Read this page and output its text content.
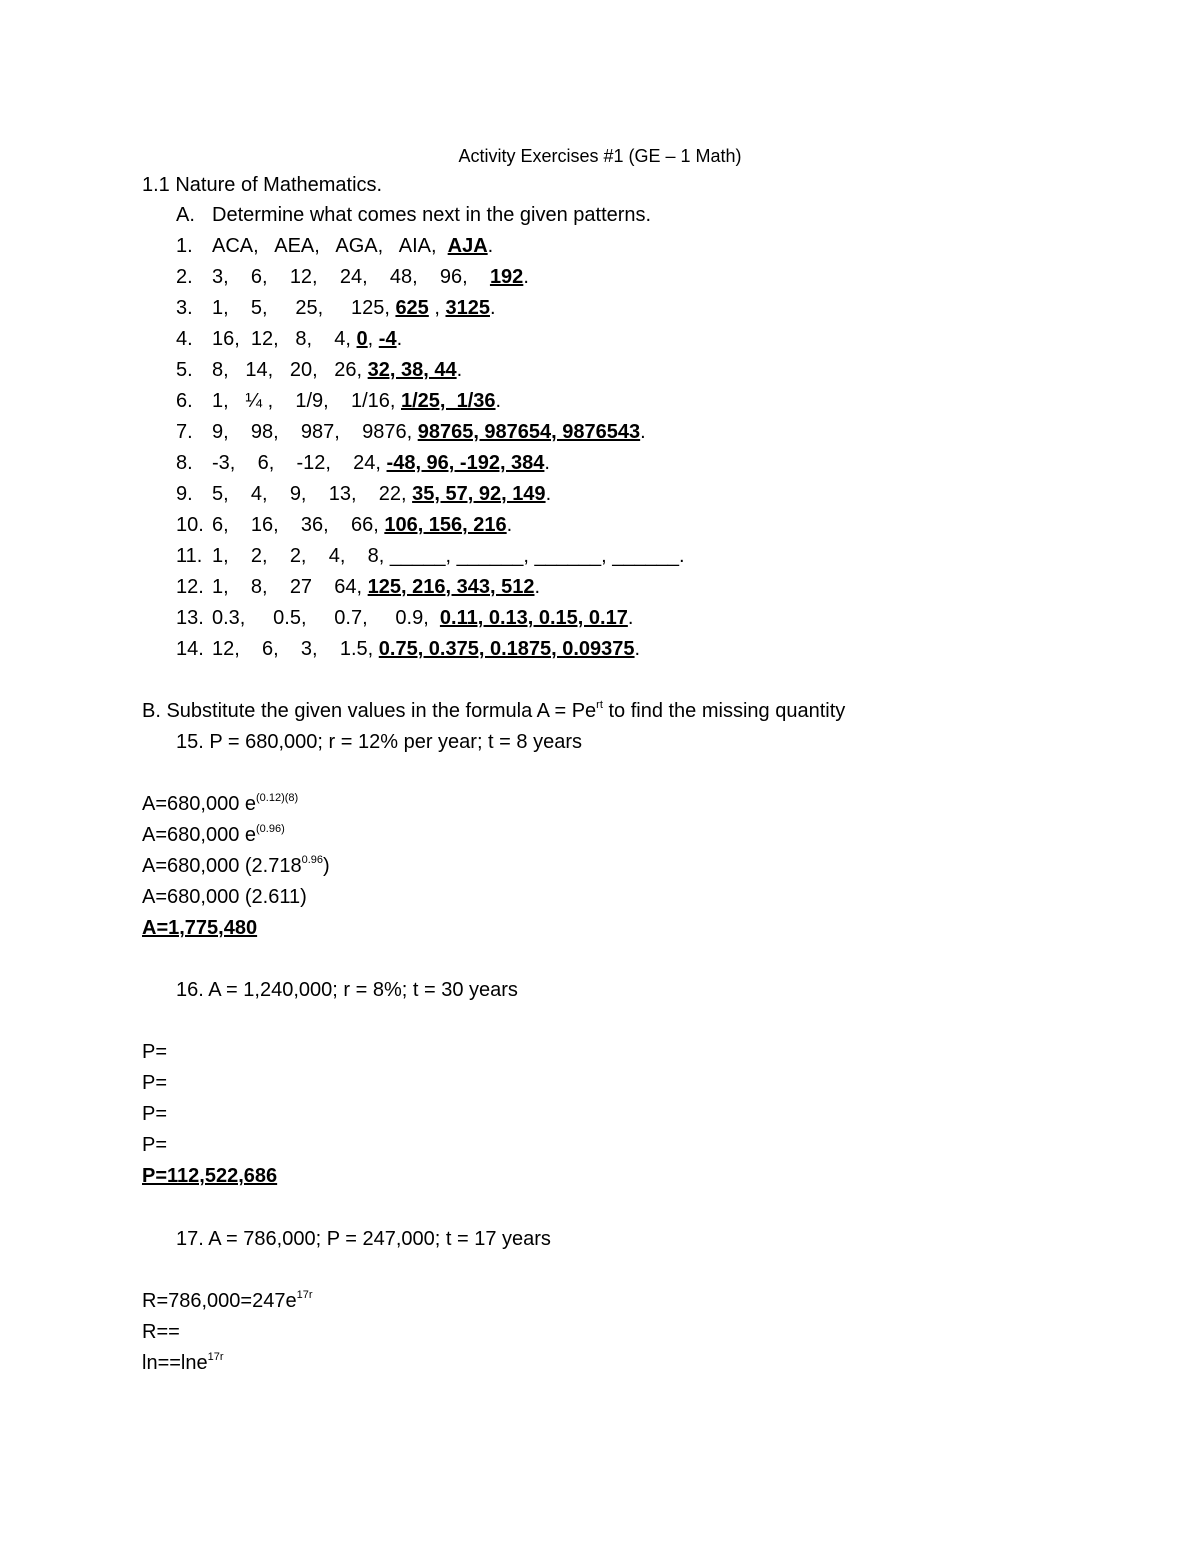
Activity Exercises #1 (GE – 1 Math)
1.1 Nature of Mathematics.
A. Determine what comes next in the given patterns.
1. ACA,   AEA,   AGA,   AIA,  AJA.
2. 3,    6,    12,    24,    48,    96,    192.
3. 1,    5,     25,     125, 625 , 3125.
4. 16,  12,   8,    4, 0, -4.
5. 8,   14,   20,   26, 32, 38, 44.
6. 1,   ¼ ,    1/9,    1/16, 1/25,  1/36.
7. 9,    98,    987,    9876, 98765, 987654, 9876543.
8. -3,    6,    -12,    24, -48, 96, -192, 384.
9. 5,    4,    9,    13,    22, 35, 57, 92, 149.
10. 6,    16,    36,    66, 106, 156, 216.
11. 1,    2,    2,    4,    8, _____, ______, ______, ______.
12. 1,    8,    27    64, 125, 216, 343, 512.
13. 0.3,     0.5,     0.7,     0.9,  0.11, 0.13, 0.15, 0.17.
14. 12,    6,    3,    1.5, 0.75, 0.375, 0.1875, 0.09375.
B. Substitute the given values in the formula $A = Pe^{rt}$ to find the missing quantity
15. P = 680,000; r = 12% per year; t = 8 years
A=680,000 $e^{(0.12)(8)}$
A=680,000 $e^{(0.96)}$
A=680,000 $(2.718^{0.96})$
A=680,000 (2.611)
A=1,775,480
16. A = 1,240,000; r = 8%; t = 30 years
P=
P=
P=
P=
P=112,522,686
17. A = 786,000; P = 247,000; t = 17 years
$R=786,000=247e^{17r}$
R==
ln==lne$^{17r}$
